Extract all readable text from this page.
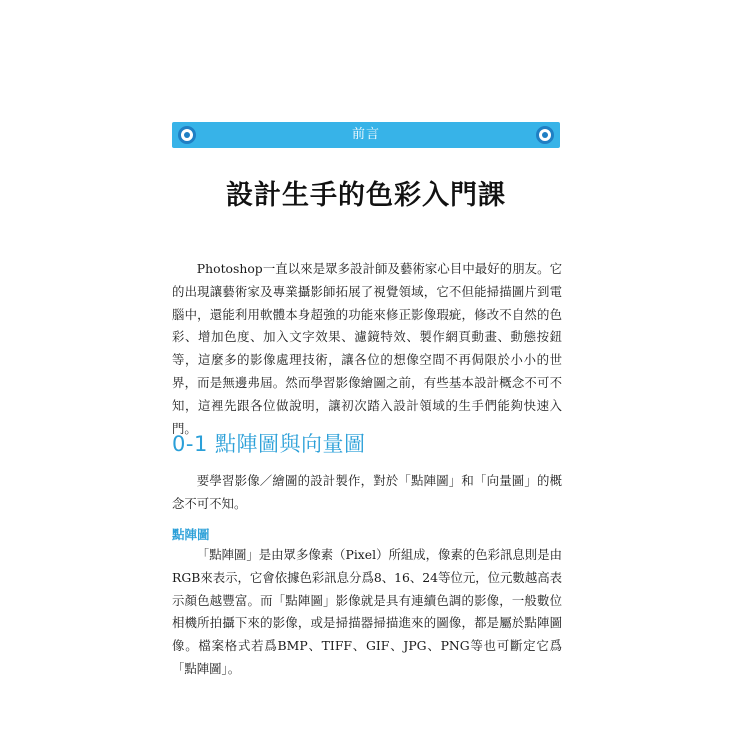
前言
設計生手的色彩入門課

Photoshop一直以來是眾多設計師及藝術家心目中最好的朋友。它的出現讓藝術家及專業攝影師拓展了視覺領域，它不但能掃描圖片到電腦中，還能利用軟體本身超強的功能來修正影像瑕疵，修改不自然的色彩、增加色度、加入文字效果、濾鏡特效、製作網頁動畫、動態按鈕等，這麼多的影像處理技術，讓各位的想像空間不再侷限於小小的世界，而是無邊弗屆。然而學習影像繪圖之前，有些基本設計概念不可不知，這裡先跟各位做說明，讓初次踏入設計領域的生手們能夠快速入門。

0-1 點陣圖與向量圖

要學習影像／繪圖的設計製作，對於「點陣圖」和「向量圖」的概念不可不知。

點陣圖

「點陣圖」是由眾多像素（Pixel）所組成，像素的色彩訊息則是由RGB來表示，它會依據色彩訊息分爲8、16、24等位元，位元數越高表示顏色越豐富。而「點陣圖」影像就是具有連續色調的影像，一般數位相機所拍攝下來的影像，或是掃描器掃描進來的圖像，都是屬於點陣圖像。檔案格式若爲BMP、TIFF、GIF、JPG、PNG等也可斷定它爲「點陣圖」。
